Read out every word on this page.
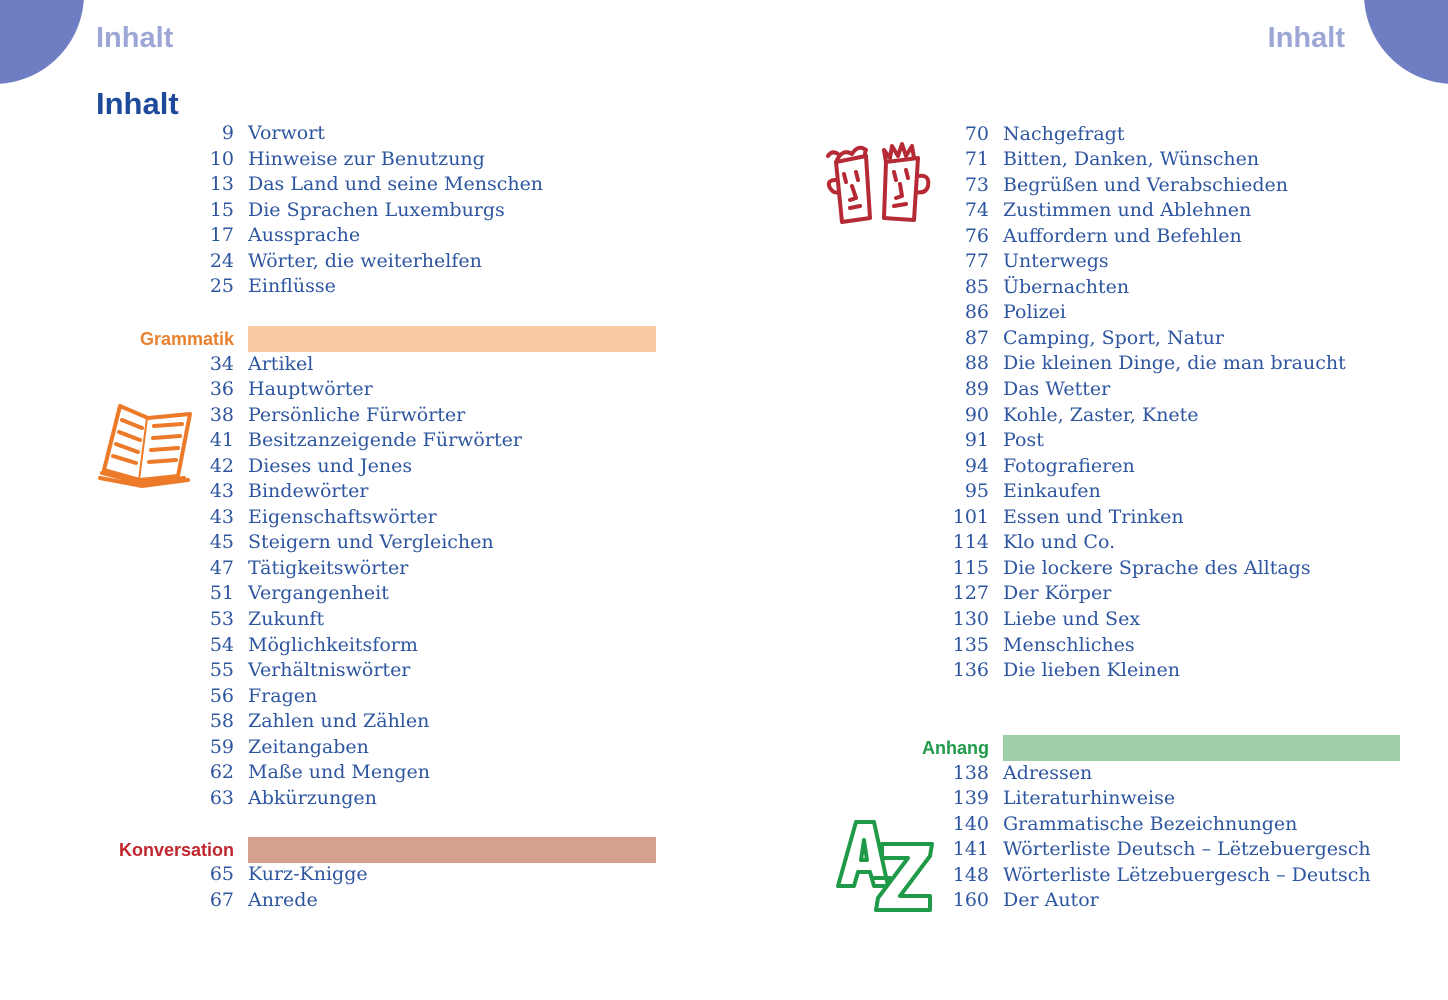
Inhalt	Inhalt
Inhalt
Grammatik
Konversation
Anhang
9 Vorwort
10 Hinweise zur Benutzung
13 Das Land und seine Menschen
15 Die Sprachen Luxemburgs
17 Aussprache
24 Wörter, die weiterhelfen
25 Einflüsse
34 Artikel
36 Hauptwörter
38 Persönliche Fürwörter
41 Besitzanzeigende Fürwörter
42 Dieses und Jenes
43 Bindewörter
43 Eigenschaftswörter
45 Steigern und Vergleichen
47 Tätigkeitswörter
51 Vergangenheit
53 Zukunft
54 Möglichkeitsform
55 Verhältniswörter
56 Fragen
58 Zahlen und Zählen
59 Zeitangaben
62 Maße und Mengen
63 Abkürzungen
65 Kurz-Knigge
67 Anrede
70 Nachgefragt
71 Bitten, Danken, Wünschen
73 Begrüßen und Verabschieden
74 Zustimmen und Ablehnen
76 Auffordern und Befehlen
77 Unterwegs
85 Übernachten
86 Polizei
87 Camping, Sport, Natur
88 Die kleinen Dinge, die man braucht
89 Das Wetter
90 Kohle, Zaster, Knete
91 Post
94 Fotografieren
95 Einkaufen
101 Essen und Trinken
114 Klo und Co.
115 Die lockere Sprache des Alltags
127 Der Körper
130 Liebe und Sex
135 Menschliches
136 Die lieben Kleinen
138 Adressen
139 Literaturhinweise
140 Grammatische Bezeichnungen
141 Wörterliste Deutsch – Lëtzebuergesch
148 Wörterliste Lëtzebuergesch – Deutsch
160 Der Autor
